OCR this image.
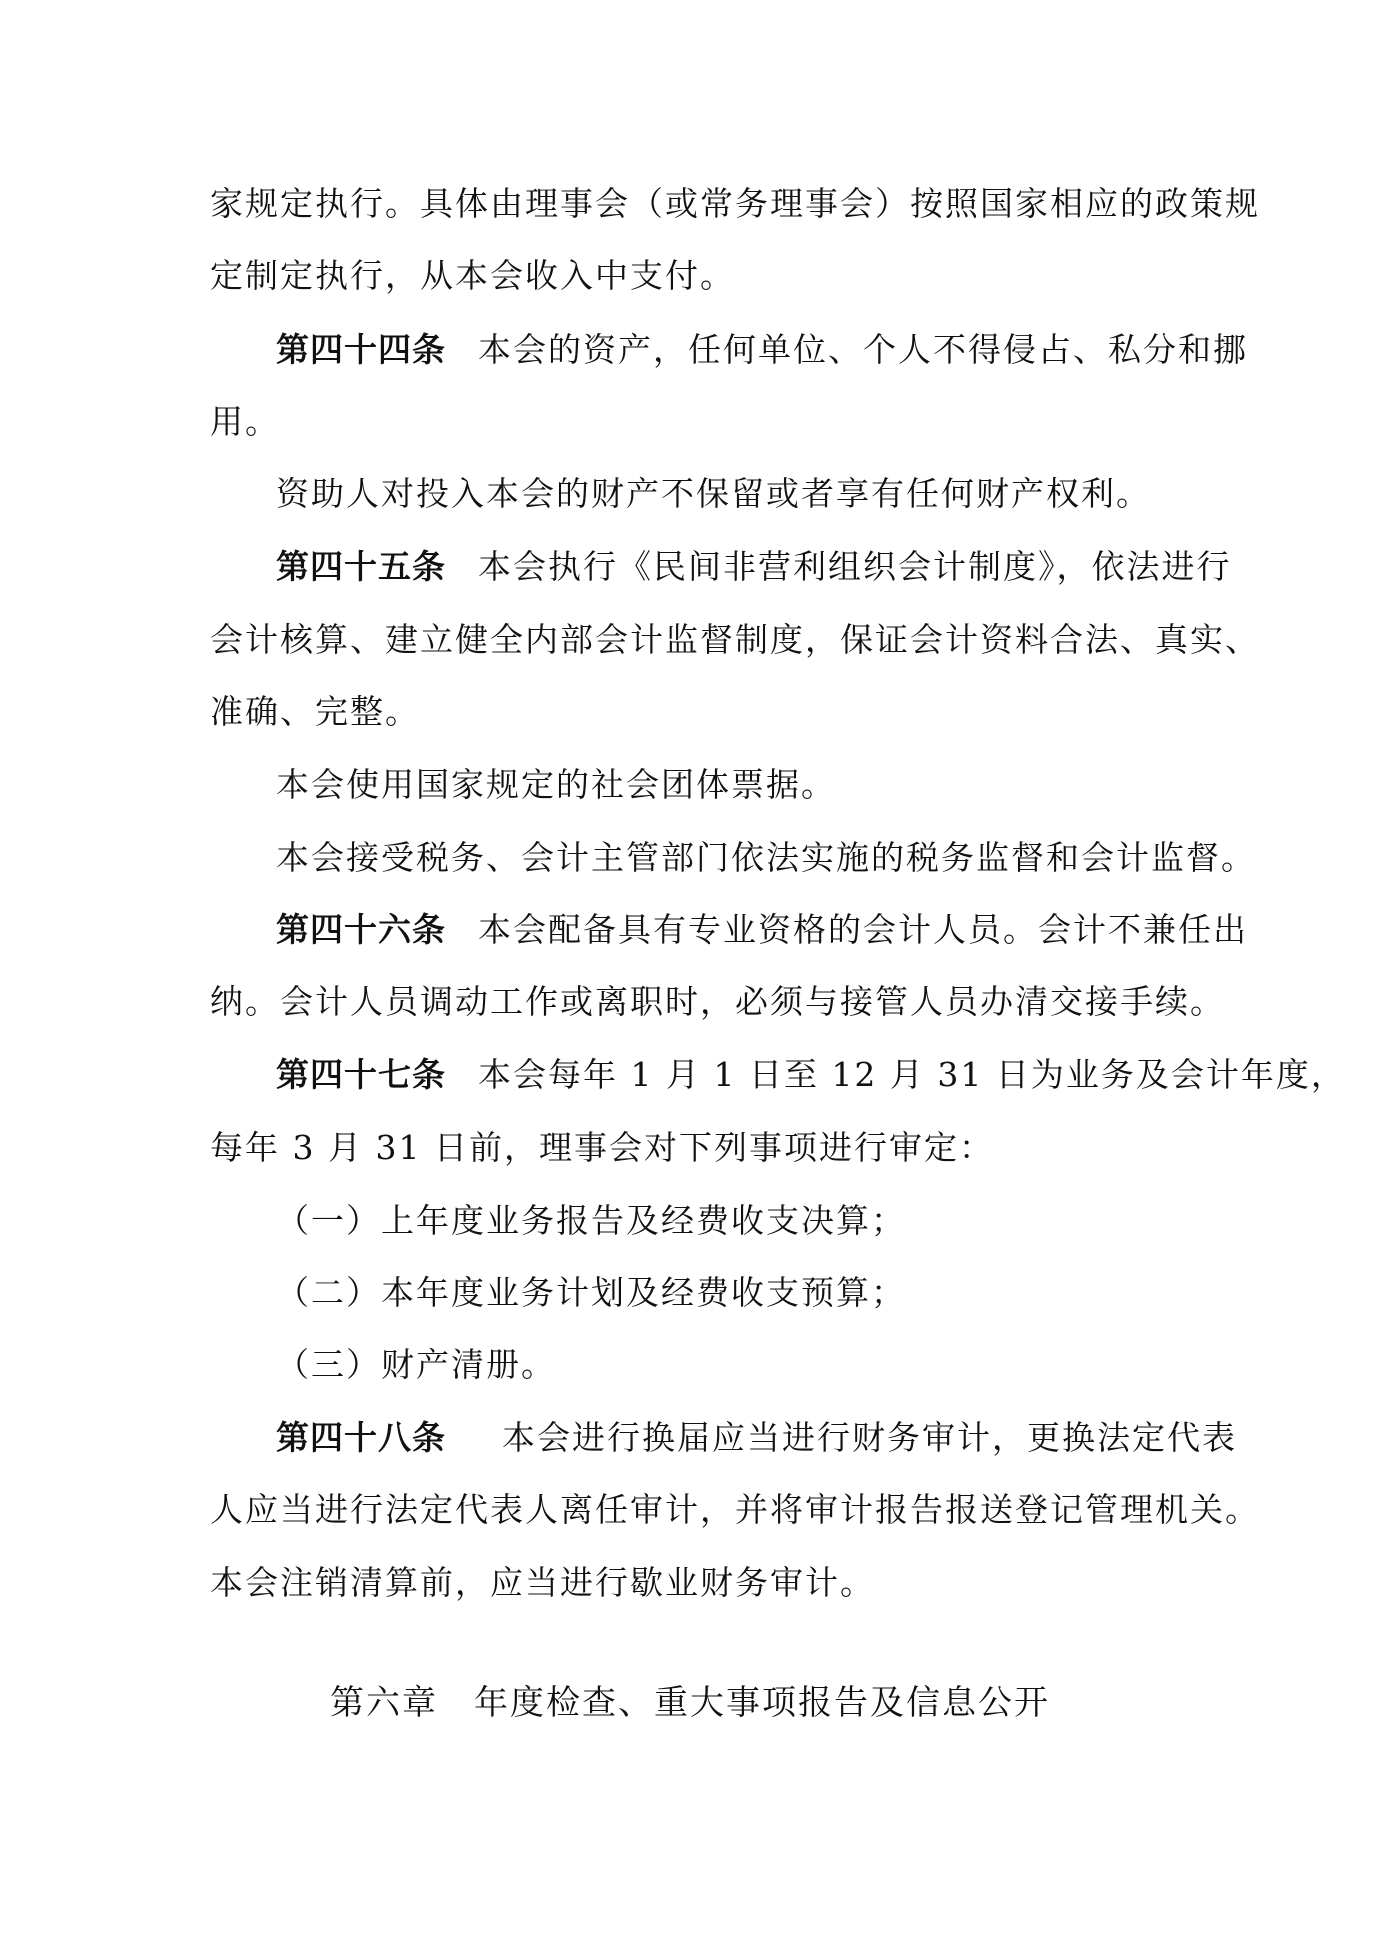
家规定执行。具体由理事会（或常务理事会）按照国家相应的政策规
定制定执行，从本会收入中支付。
第四十四条 本会的资产，任何单位、个人不得侵占、私分和挪
用。
资助人对投入本会的财产不保留或者享有任何财产权利。
第四十五条 本会执行《民间非营利组织会计制度》，依法进行
会计核算、建立健全内部会计监督制度，保证会计资料合法、真实、
准确、完整。
本会使用国家规定的社会团体票据。
本会接受税务、会计主管部门依法实施的税务监督和会计监督。
第四十六条 本会配备具有专业资格的会计人员。会计不兼任出
纳。会计人员调动工作或离职时，必须与接管人员办清交接手续。
第四十七条 本会每年 1 月 1 日至 12 月 31 日为业务及会计年度，
每年 3 月 31 日前，理事会对下列事项进行审定：
（一）上年度业务报告及经费收支决算；
（二）本年度业务计划及经费收支预算；
（三）财产清册。
第四十八条 本会进行换届应当进行财务审计，更换法定代表
人应当进行法定代表人离任审计，并将审计报告报送登记管理机关。
本会注销清算前，应当进行歇业财务审计。
第六章 年度检查、重大事项报告及信息公开
